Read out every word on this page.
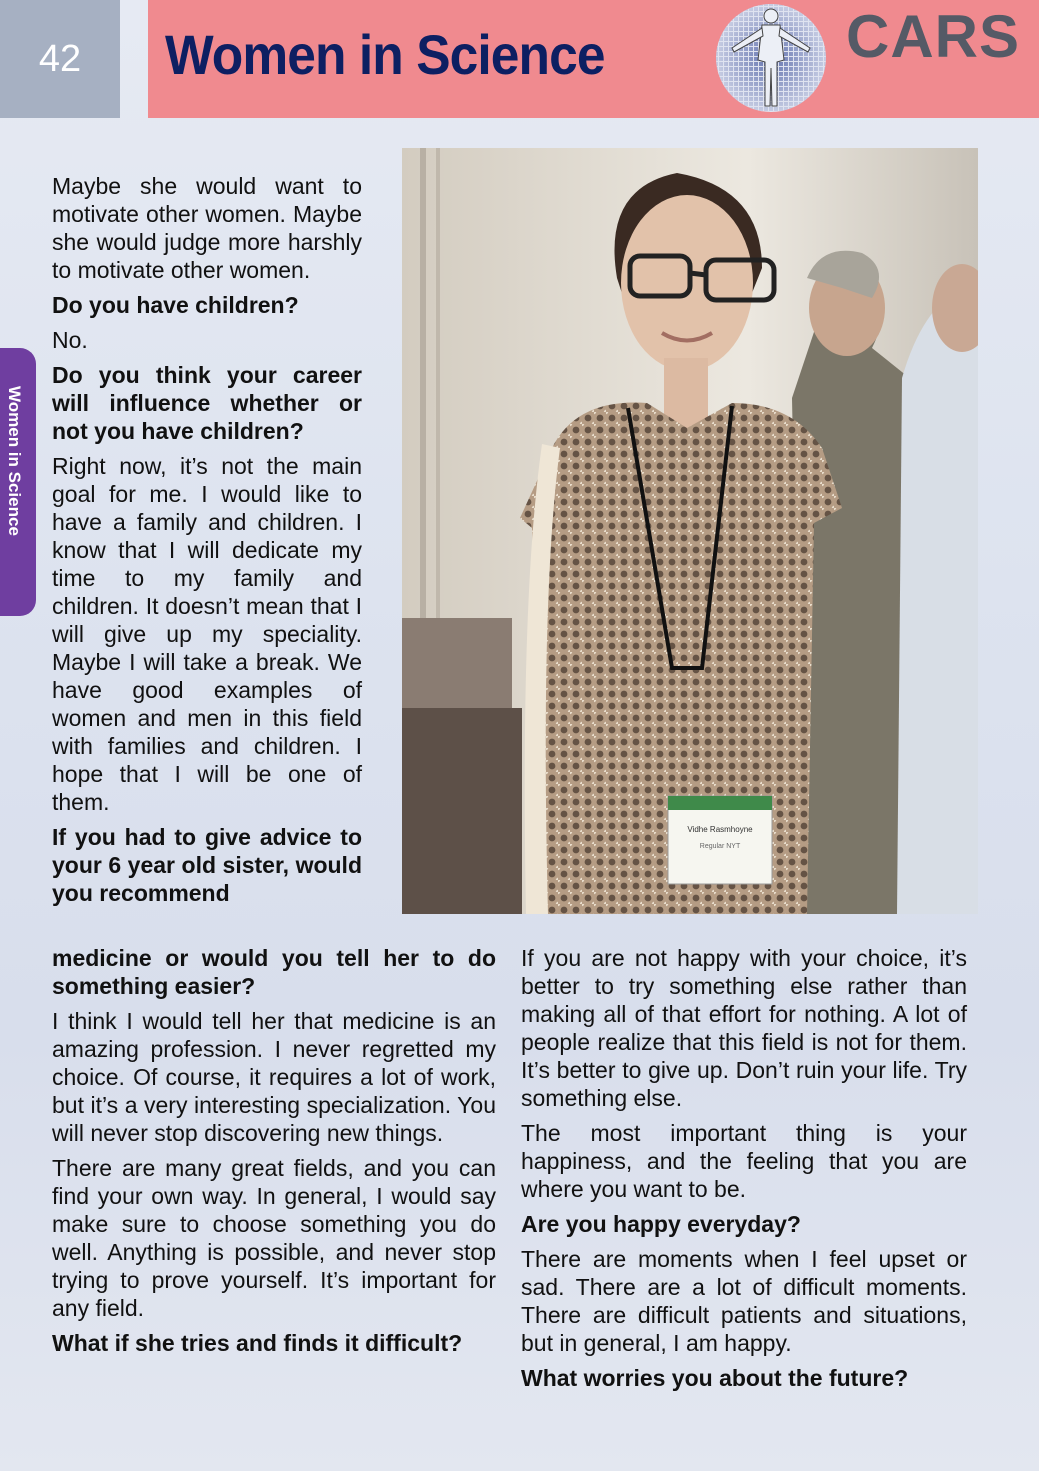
42	Women in Science	CARS
Women in Science
Vidhe Rasmhoyne
Regular NYT

Maybe she would want to motivate other women. Maybe she would judge more harshly to motivate other women.

Do you have children?

No.

Do you think your career will influence whether or not you have children?

Right now, it’s not the main goal for me. I would like to have a family and children. I know that I will dedicate my time to my family and children. It doesn’t mean that I will give up my speciality. Maybe I will take a break. We have good examples of women and men in this field with families and children. I hope that I will be one of them.

If you had to give advice to your 6 year old sister, would you recommend

medicine or would you tell her to do something easier?

I think I would tell her that medicine is an amazing profession. I never regretted my choice. Of course, it requires a lot of work, but it’s a very interesting specialization. You will never stop discovering new things.

There are many great fields, and you can find your own way. In general, I would say make sure to choose something you do well. Anything is possible, and never stop trying to prove yourself. It’s important for any field.

What if she tries and finds it difficult?

If you are not happy with your choice, it’s better to try something else rather than making all of that effort for nothing. A lot of people realize that this field is not for them. It’s better to give up. Don’t ruin your life. Try something else.

The most important thing is your happiness, and the feeling that you are where you want to be.

Are you happy everyday?

There are moments when I feel upset or sad. There are a lot of difficult moments. There are difficult patients and situations, but in general, I am happy.

What worries you about the future?
